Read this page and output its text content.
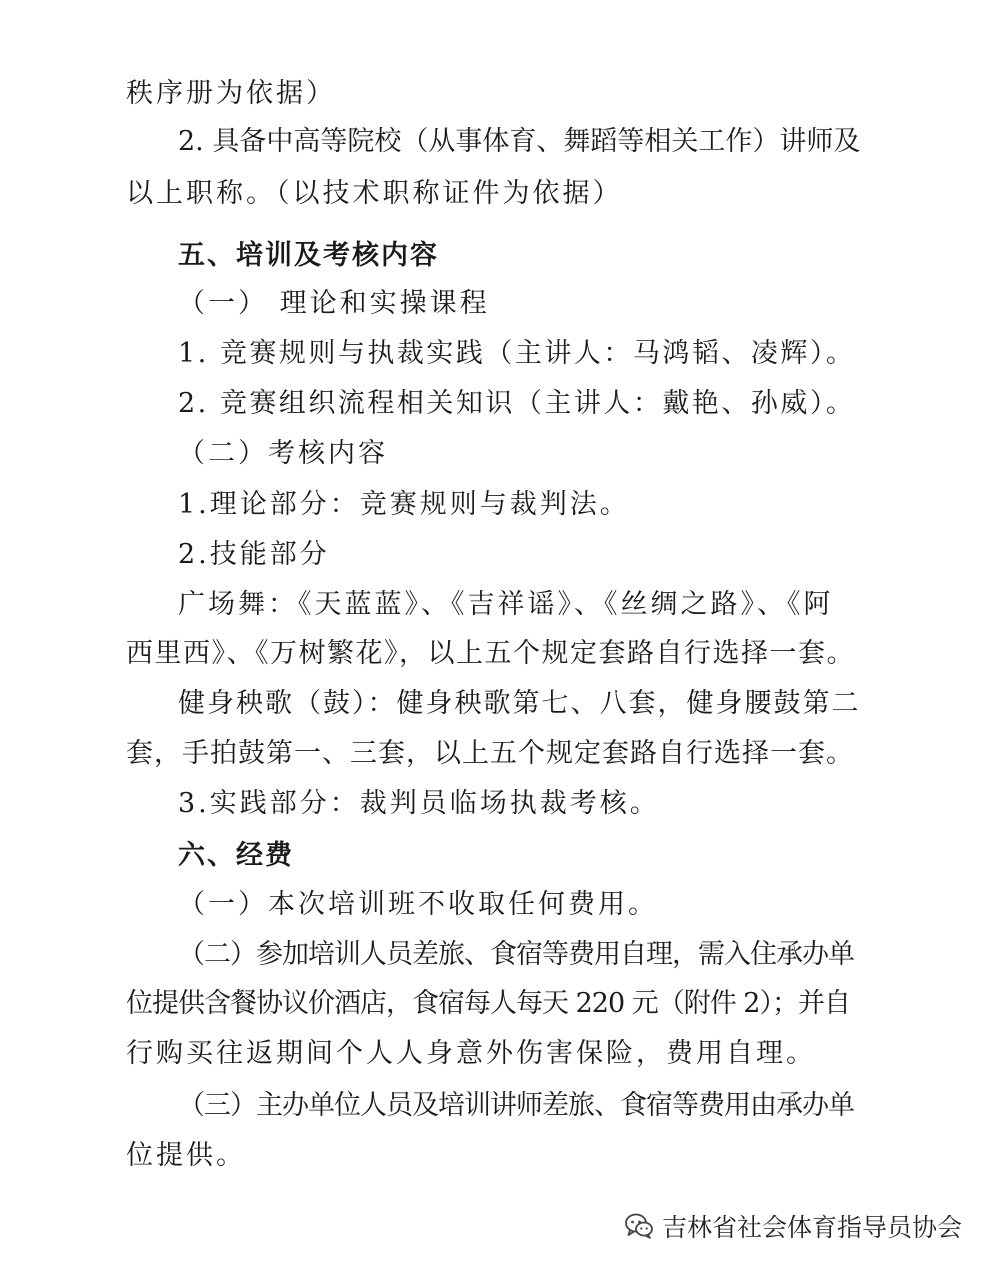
秩序册为依据）
2. 具备中高等院校（从事体育、舞蹈等相关工作）讲师及
以上职称。（以技术职称证件为依据）
五、培训及考核内容
（一） 理论和实操课程
1. 竞赛规则与执裁实践（主讲人：马鸿韬、凌辉）。
2. 竞赛组织流程相关知识（主讲人：戴艳、孙威）。
（二）考核内容
1.理论部分：竞赛规则与裁判法。
2.技能部分
广场舞：《天蓝蓝》、《吉祥谣》、《丝绸之路》、《阿
西里西》、《万树繁花》，以上五个规定套路自行选择一套。
健身秧歌（鼓）：健身秧歌第七、八套，健身腰鼓第二
套，手拍鼓第一、三套，以上五个规定套路自行选择一套。
3.实践部分：裁判员临场执裁考核。
六、经费
（一）本次培训班不收取任何费用。
（二）参加培训人员差旅、食宿等费用自理，需入住承办单
位提供含餐协议价酒店，食宿每人每天 220 元（附件 2）；并自
行购买往返期间个人人身意外伤害保险，费用自理。
（三）主办单位人员及培训讲师差旅、食宿等费用由承办单
位提供。
吉林省社会体育指导员协会
